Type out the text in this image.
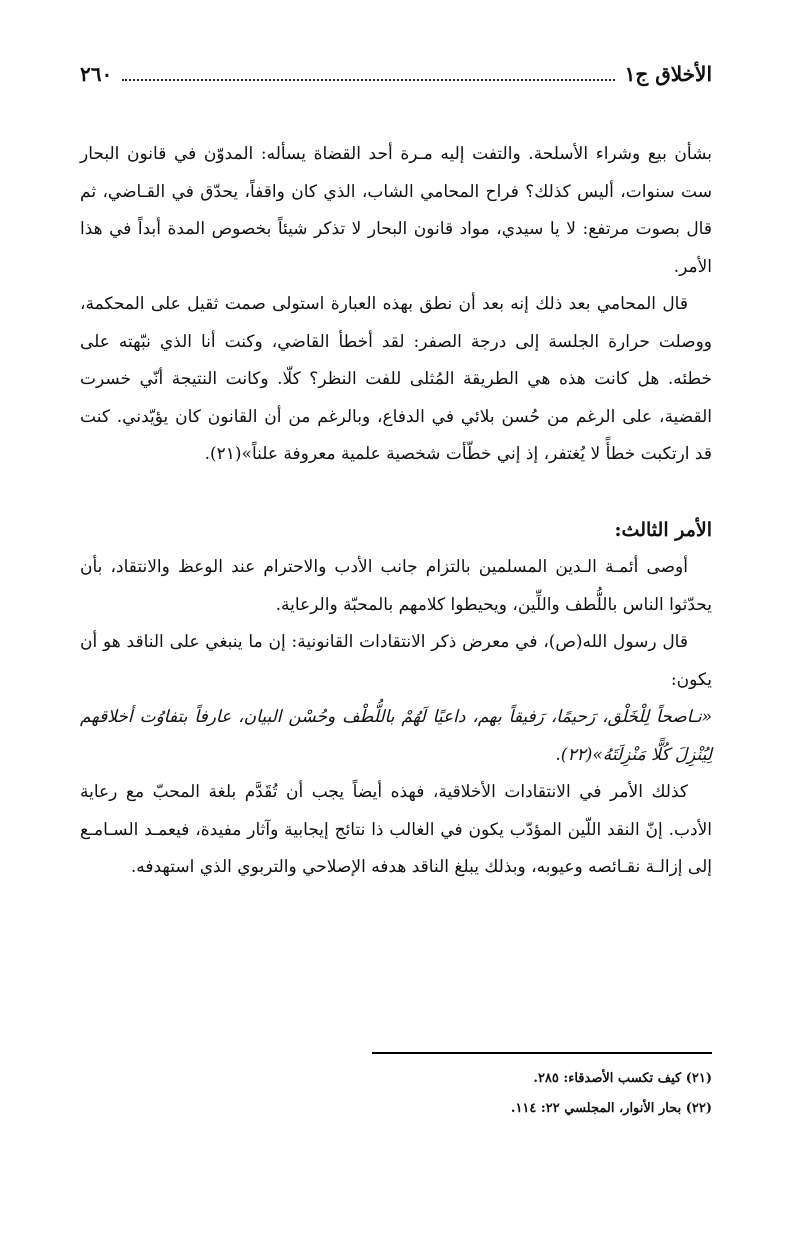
الأخلاق ج١
٢٦٠

بشأن بيع وشراء الأسلحة. والتفت إليه مـرة أحد القضاة يسأله: المدوّن في قانون البحار ست سنوات، أليس كذلك؟ فراح المحامي الشاب، الذي كان واقفاً، يحدّق في القـاضي، ثم قال بصوت مرتفع: لا يا سيدي، مواد قانون البحار لا تذكر شيئاً بخصوص المدة أبداً في هذا الأمر.

قال المحامي بعد ذلك إنه بعد أن نطق بهذه العبارة استولى صمت ثقيل على المحكمة، ووصلت حرارة الجلسة إلى درجة الصفر: لقد أخطأ القاضي، وكنت أنا الذي نبّهته على خطئه. هل كانت هذه هي الطريقة المُثلى للفت النظر؟ كلّا. وكانت النتيجة أنّي خسرت القضية، على الرغم من حُسن بلائي في الدفاع، وبالرغم من أن القانون كان يؤيّدني. كنت قد ارتكبت خطأً لا يُغتفر، إذ إني خطّأت شخصية علمية معروفة علناً»(٢١).

الأمر الثالث:

أوصى أئمـة الـدين المسلمين بالتزام جانب الأدب والاحترام عند الوعظ والانتقاد، بأن يحدّثوا الناس باللُّطف واللِّين، ويحيطوا كلامهم بالمحبّة والرعاية.

قال رسول الله(ص)، في معرض ذكر الانتقادات القانونية: إن ما ينبغي على الناقد هو أن يكون:

«نـاصحاً لِلْخَلْق، رَحيمًا، رَفيقاً بهم، داعيًا لَهُمْ باللُّطْف وحُسْن البيان، عارفاً بتفاوُت أخلاقهم لِيُنْزِلَ كُلًّا مَنْزِلَتَهُ»(٢٢).

كذلك الأمر في الانتقادات الأخلاقية، فهذه أيضاً يجب أن تُقَدَّم بلغة المحبّ مع رعاية الأدب. إنّ النقد اللّين المؤدّب يكون في الغالب ذا نتائج إيجابية وآثار مفيدة، فيعمـد السـامـع إلى إزالـة نقـائصه وعيوبه، وبذلك يبلغ الناقد هدفه الإصلاحي والتربوي الذي استهدفه.

(٢١) كيف تكسب الأصدقاء: ٢٨٥.

(٢٢) بحار الأنوار، المجلسي ٢٢: ١١٤.
